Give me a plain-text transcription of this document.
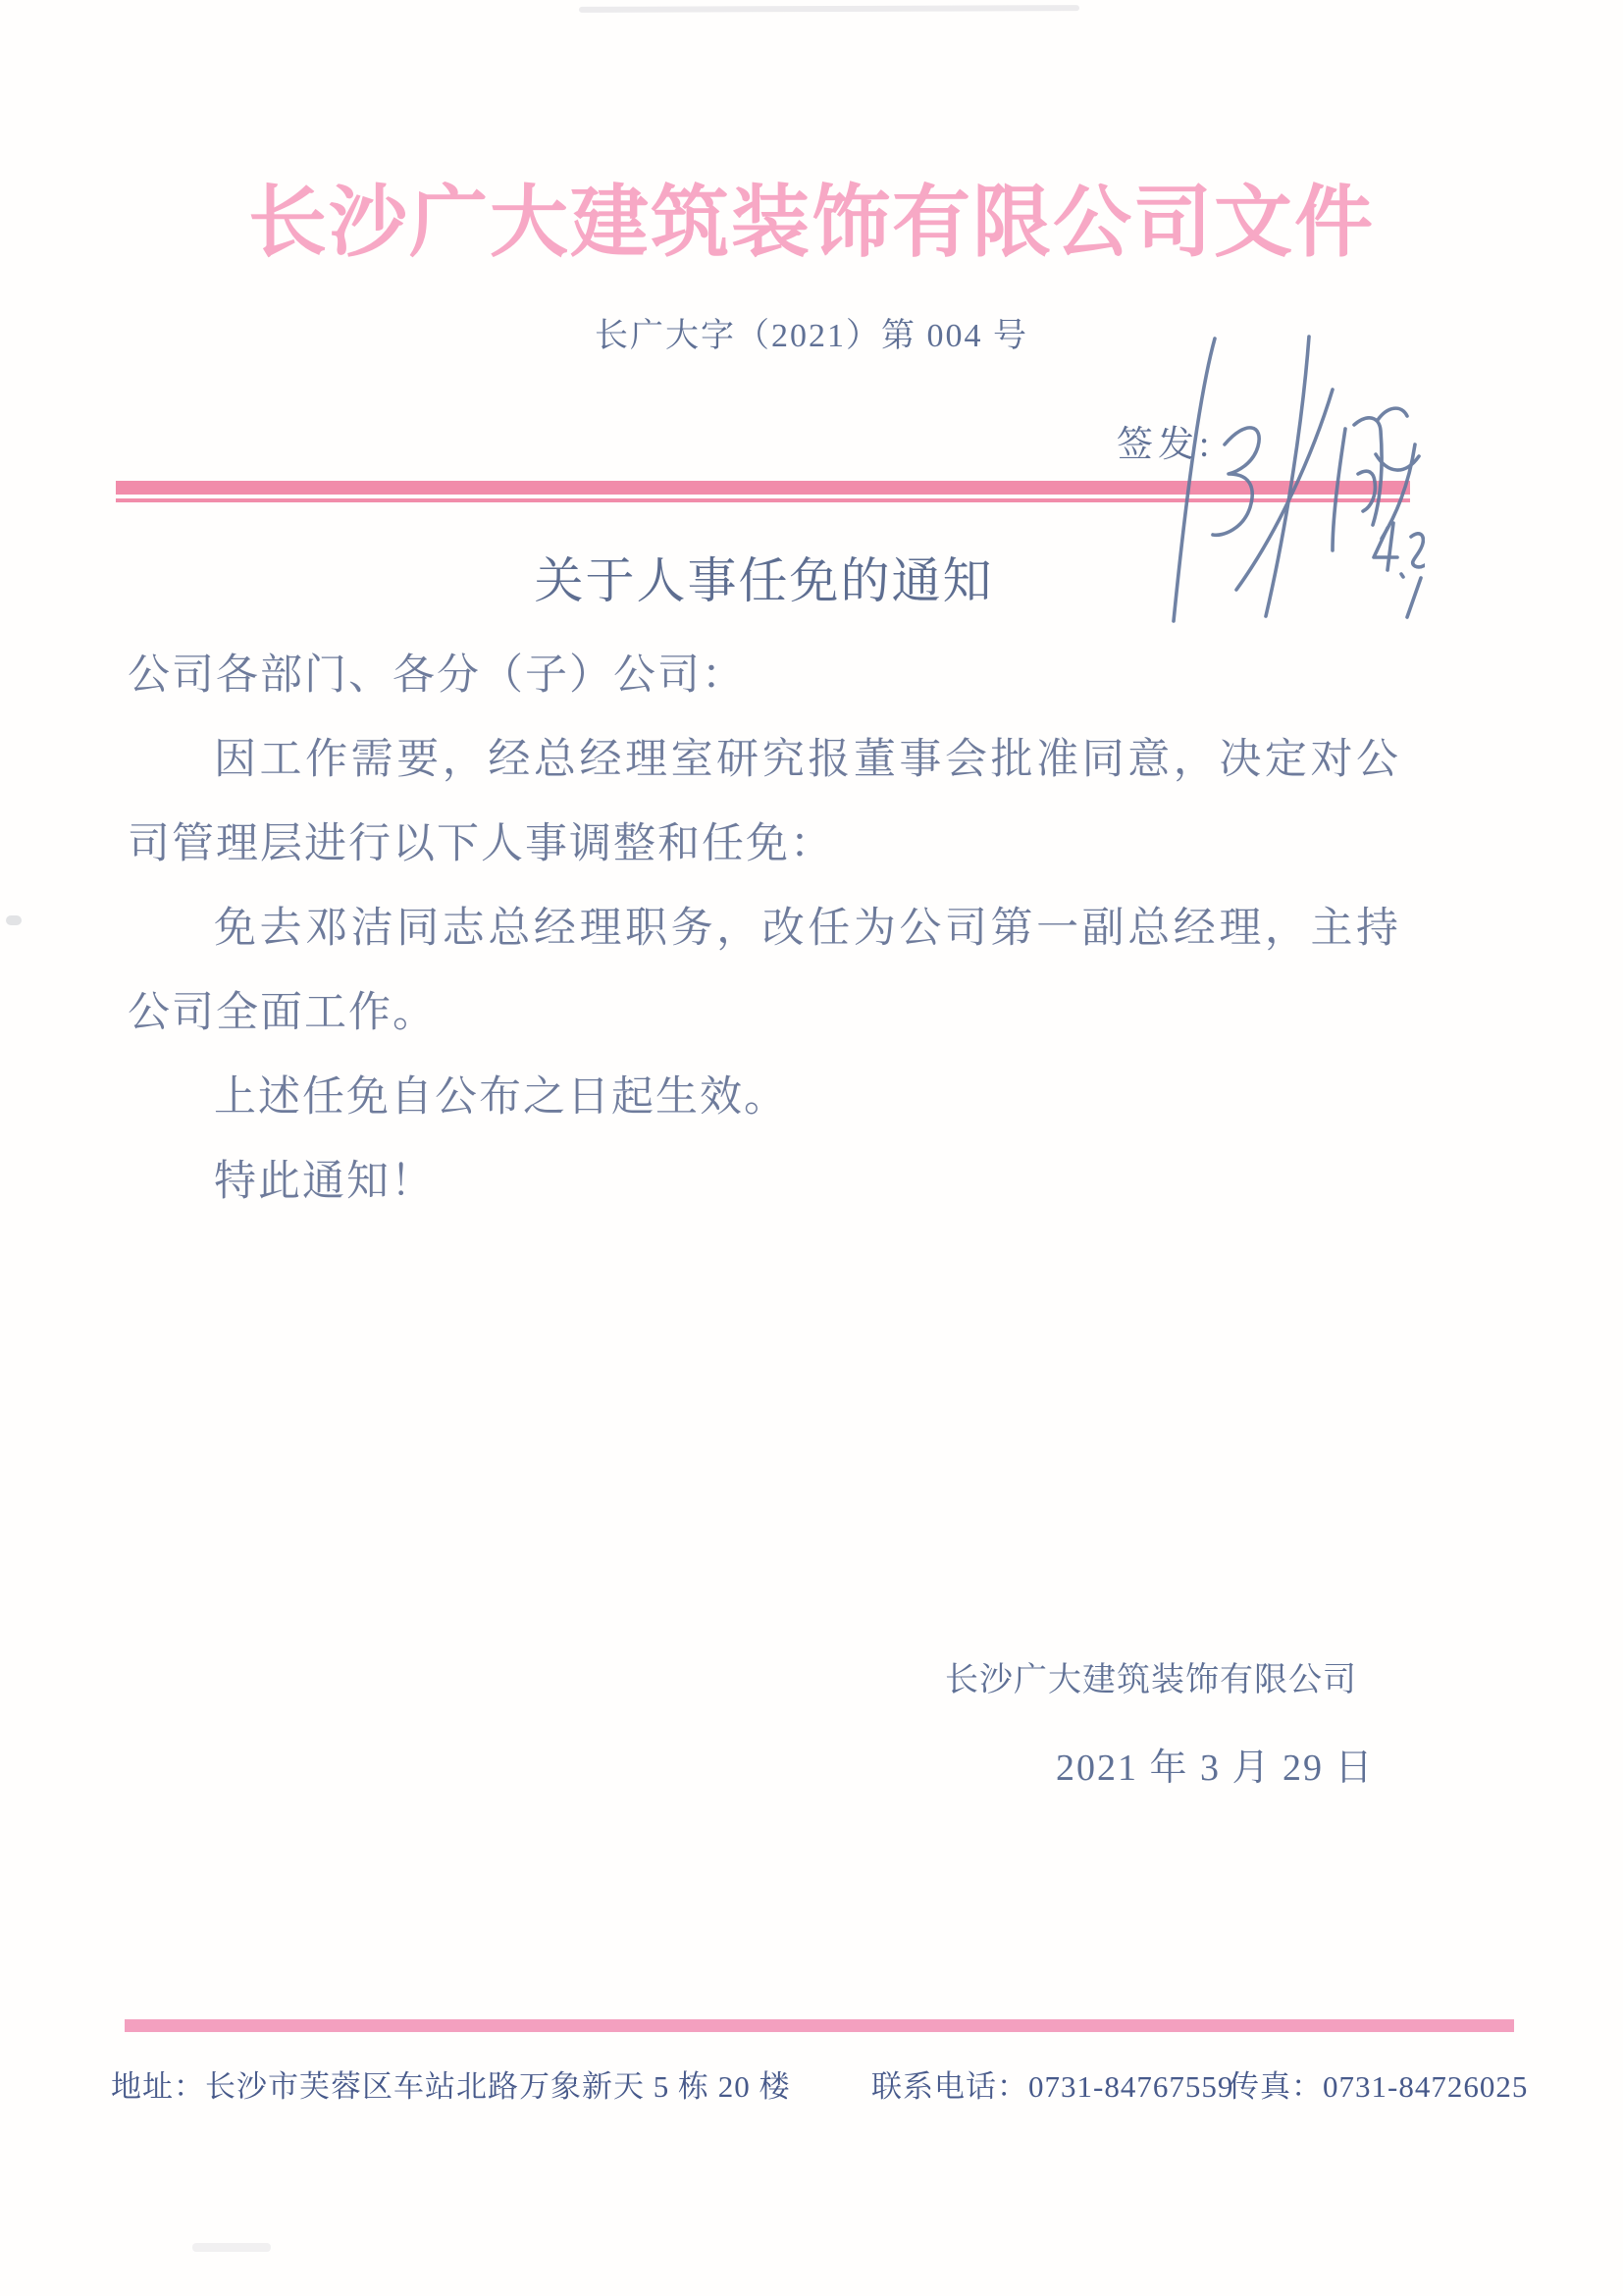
长沙广大建筑装饰有限公司文件
长广大字（2021）第 004 号
签发:
关于人事任免的通知
公司各部门、各分（子）公司：
因工作需要，经总经理室研究报董事会批准同意，决定对公
司管理层进行以下人事调整和任免：
免去邓洁同志总经理职务，改任为公司第一副总经理，主持
公司全面工作。
上述任免自公布之日起生效。
特此通知！
长沙广大建筑装饰有限公司
2021 年 3 月 29 日
地址：长沙市芙蓉区车站北路万象新天 5 栋 20 楼	联系电话：0731-84767559
传真：0731-84726025
